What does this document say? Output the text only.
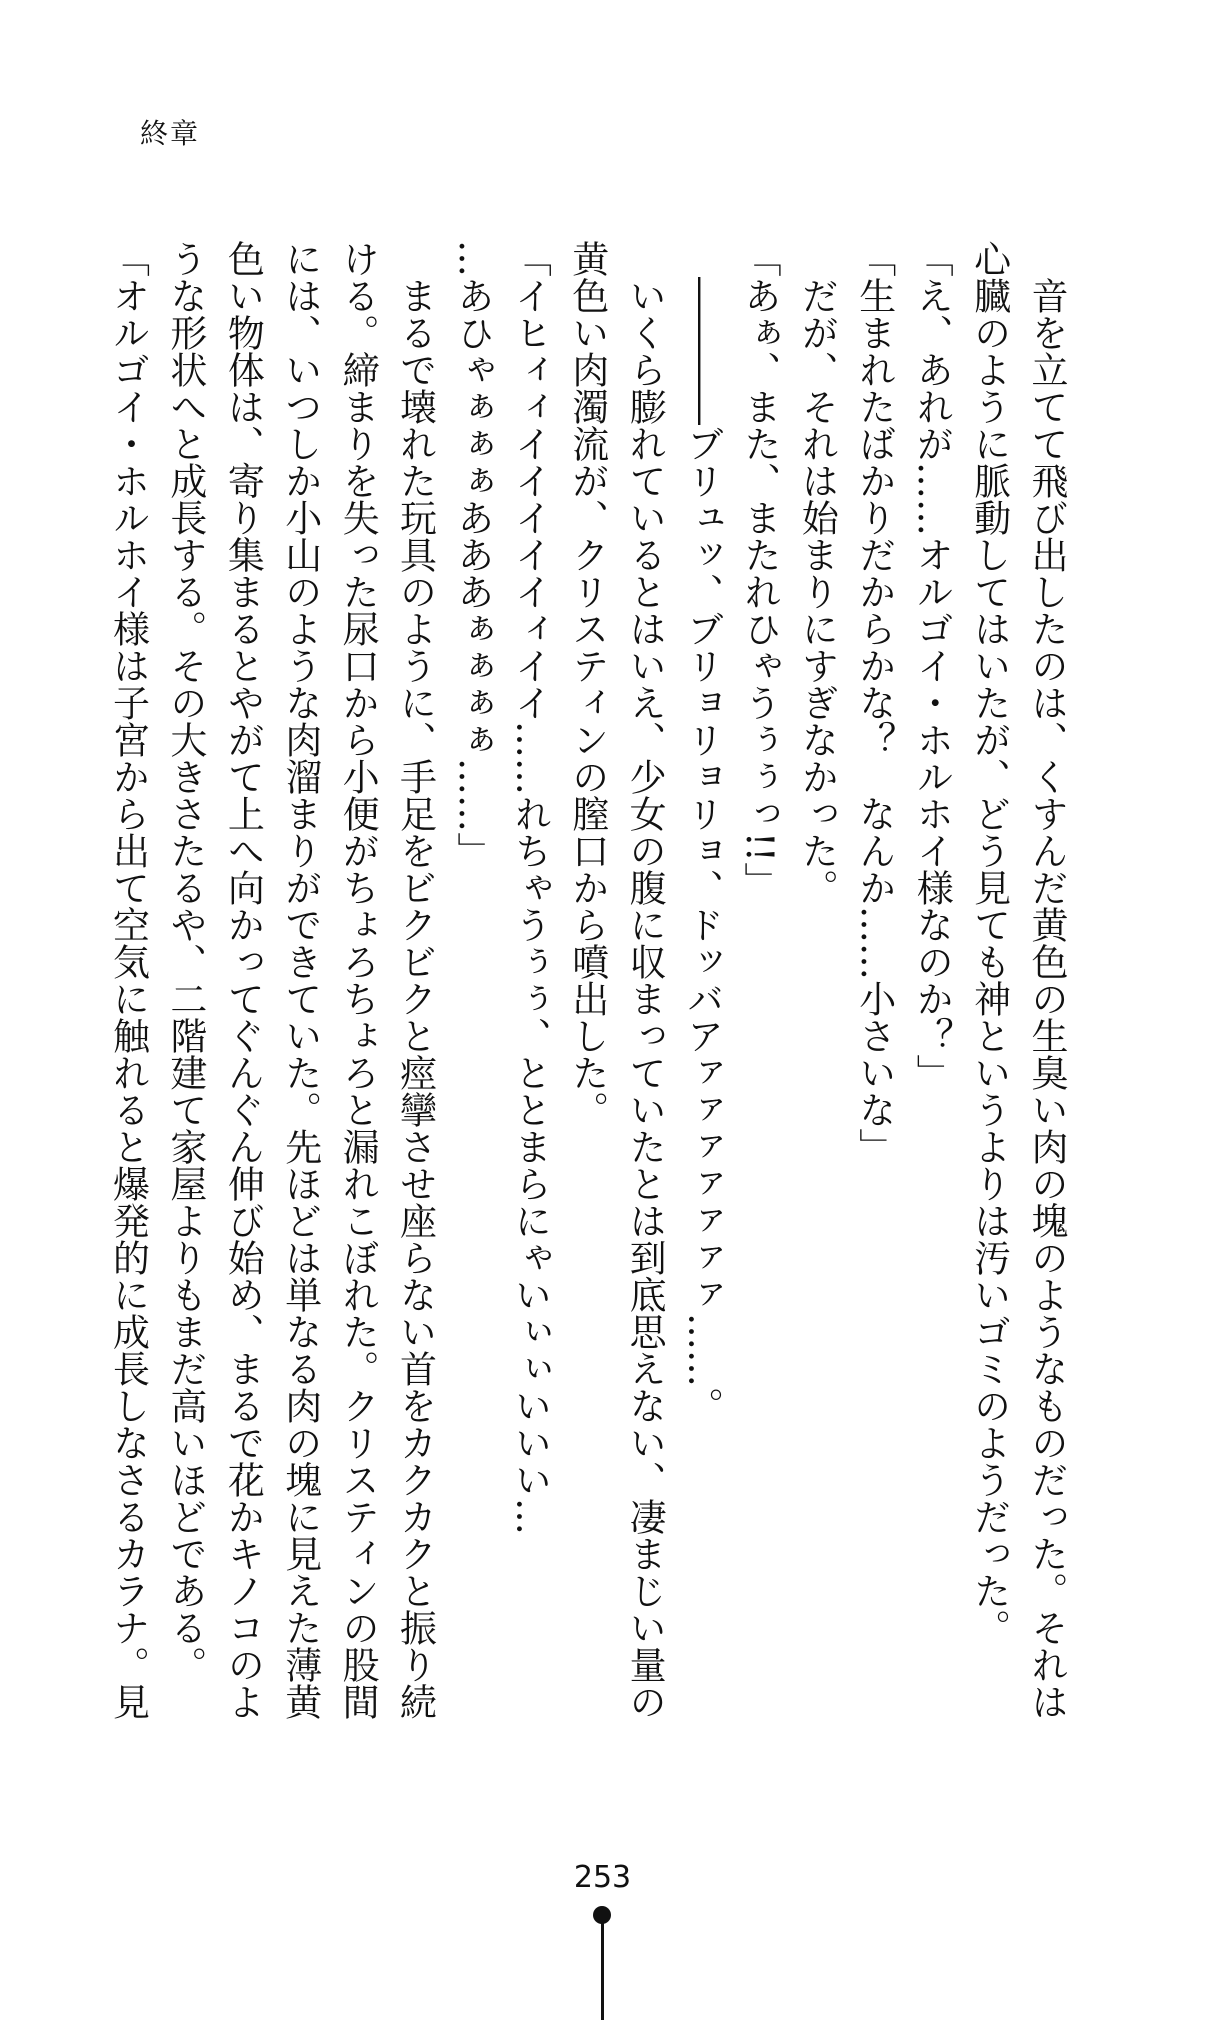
終章
　音を立てて飛び出したのは、くすんだ黄色の生臭い肉の塊のようなものだった。それは
心臓のように脈動してはいたが、どう見ても神というよりは汚いゴミのようだった。
「え、あれが……オルゴイ・ホルホイ様なのか？」
「生まれたばかりだからかな？　なんか……小さいな」
　だが、それは始まりにすぎなかった。
「あぁ、また、またれひゃうぅぅっ!!」
　――――ブリュッ、ブリョリョリョ、ドッバアァァァァァァァ……。
　いくら膨れているとはいえ、少女の腹に収まっていたとは到底思えない、凄まじい量の
黄色い肉濁流が、クリスティンの膣口から噴出した。
「イヒィィイイイイイィイイ……れちゃうぅぅ、ととまらにゃいぃぃいいい…
…あひゃぁぁぁあああぁぁぁぁ……」
　まるで壊れた玩具のように、手足をビクビクと痙攣させ座らない首をカクカクと振り続
ける。締まりを失った尿口から小便がちょろちょろと漏れこぼれた。クリスティンの股間
には、いつしか小山のような肉溜まりができていた。先ほどは単なる肉の塊に見えた薄黄
色い物体は、寄り集まるとやがて上へ向かってぐんぐん伸び始め、まるで花かキノコのよ
うな形状へと成長する。その大きさたるや、二階建て家屋よりもまだ高いほどである。
「オルゴイ・ホルホイ様は子宮から出て空気に触れると爆発的に成長しなさるカラナ。見
253
